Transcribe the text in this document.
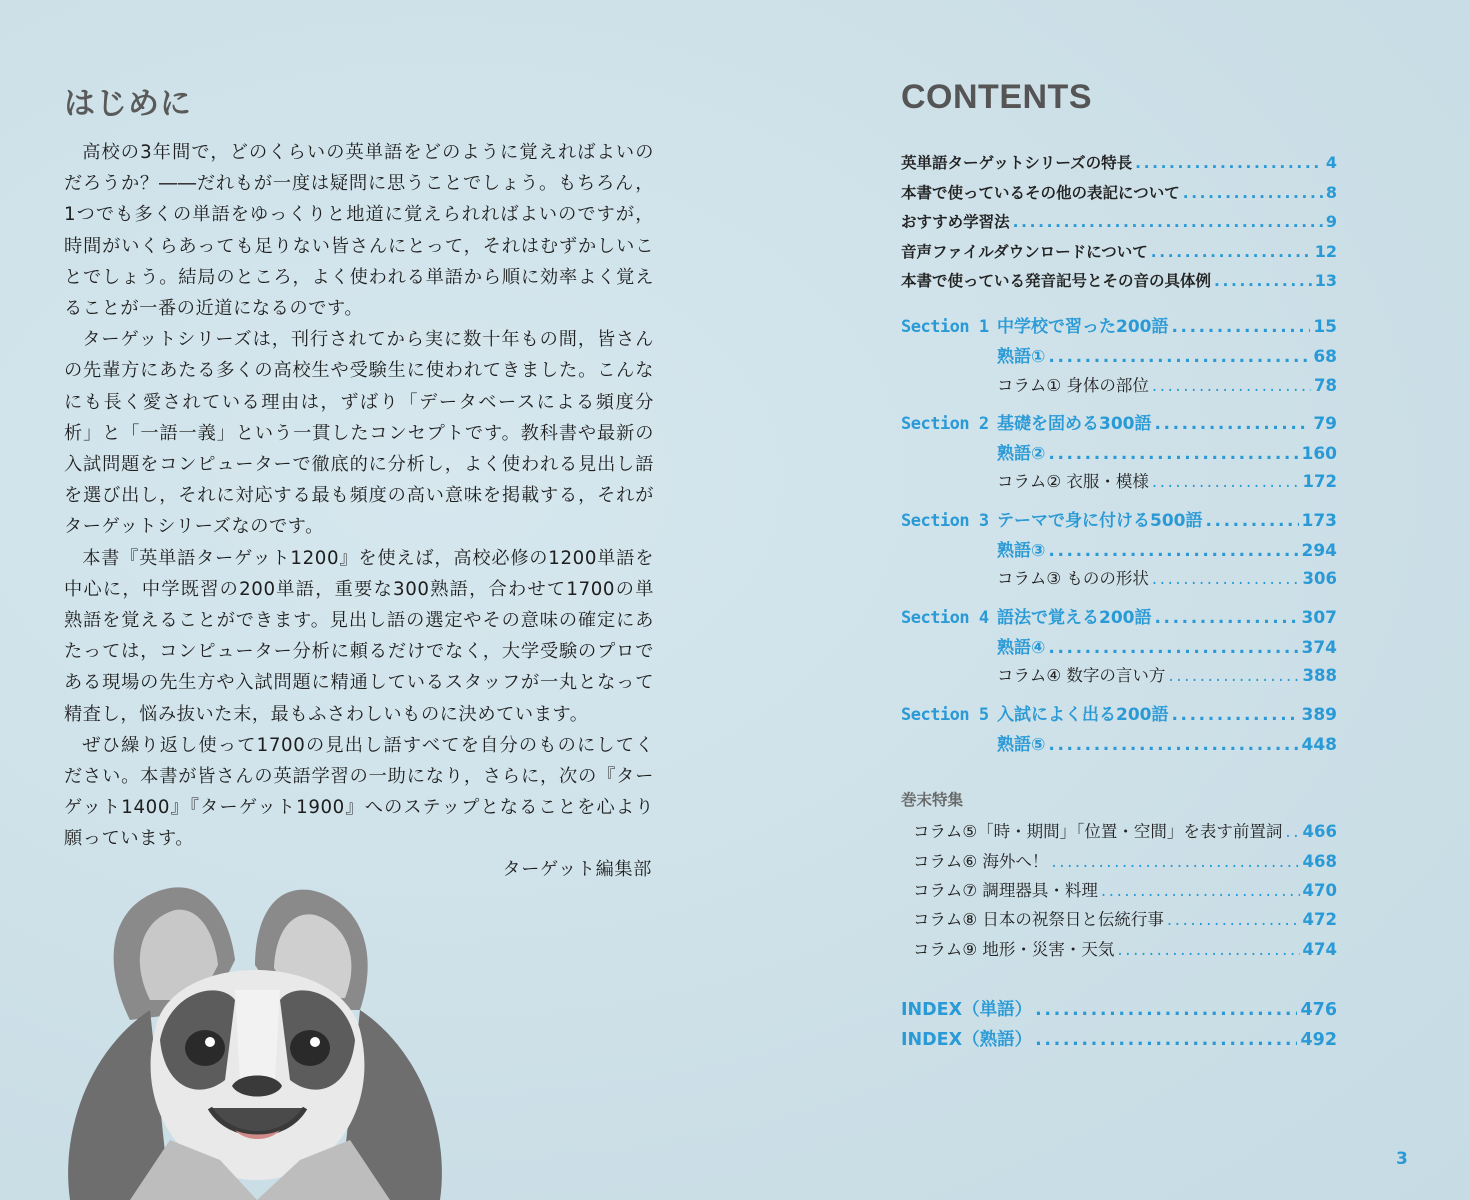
はじめに

高校の3年間で，どのくらいの英単語をどのように覚えればよいのだろうか？――だれもが一度は疑問に思うことでしょう。もちろん，1つでも多くの単語をゆっくりと地道に覚えられればよいのですが，時間がいくらあっても足りない皆さんにとって，それはむずかしいことでしょう。結局のところ，よく使われる単語から順に効率よく覚えることが一番の近道になるのです。

ターゲットシリーズは，刊行されてから実に数十年もの間，皆さんの先輩方にあたる多くの高校生や受験生に使われてきました。こんなにも長く愛されている理由は，ずばり「データベースによる頻度分析」と「一語一義」という一貫したコンセプトです。教科書や最新の入試問題をコンピューターで徹底的に分析し，よく使われる見出し語を選び出し，それに対応する最も頻度の高い意味を掲載する，それがターゲットシリーズなのです。

本書『英単語ターゲット1200』を使えば，高校必修の1200単語を中心に，中学既習の200単語，重要な300熟語，合わせて1700の単熟語を覚えることができます。見出し語の選定やその意味の確定にあたっては，コンピューター分析に頼るだけでなく，大学受験のプロである現場の先生方や入試問題に精通しているスタッフが一丸となって精査し，悩み抜いた末，最もふさわしいものに決めています。

ぜひ繰り返し使って1700の見出し語すべてを自分のものにしてください。本書が皆さんの英語学習の一助になり，さらに，次の『ターゲット1400』『ターゲット1900』へのステップとなることを心より願っています。

ターゲット編集部
CONTENTS
英単語ターゲットシリーズの特長 .....	4
本書で使っているその他の表記について .....	8
おすすめ学習法 .....	9
音声ファイルダウンロードについて .....	12
本書で使っている発音記号とその音の具体例 .....	13
Section 1 中学校で習った200語 .....	15
熟語① .....	68
コラム① 身体の部位 .....	78
Section 2 基礎を固める300語 .....	79
熟語② .....	160
コラム② 衣服・模様 .....	172
Section 3 テーマで身に付ける500語 .....	173
熟語③ .....	294
コラム③ ものの形状 .....	306
Section 4 語法で覚える200語 .....	307
熟語④ .....	374
コラム④ 数字の言い方 .....	388
Section 5 入試によく出る200語 .....	389
熟語⑤ .....	448
巻末特集
コラム⑤「時・期間」「位置・空間」を表す前置詞 ..... 466
コラム⑥ 海外へ！ .....	468
コラム⑦ 調理器具・料理 .....	470
コラム⑧ 日本の祝祭日と伝統行事 .....	472
コラム⑨ 地形・災害・天気 .....	474
INDEX（単語） .....	476
INDEX（熟語） .....	492
3
